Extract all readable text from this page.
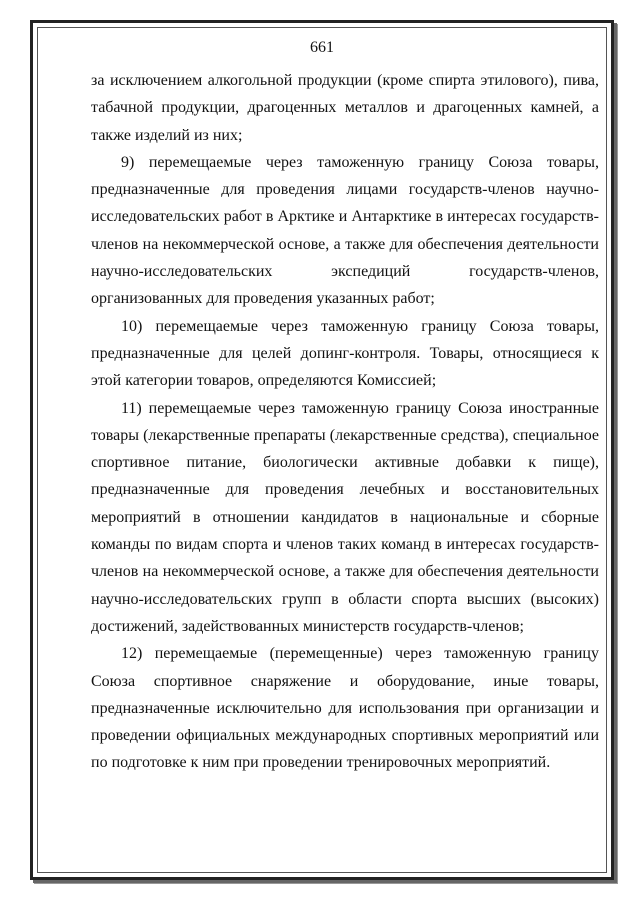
661

за исключением алкогольной продукции (кроме спирта этилового), пива, табачной продукции, драгоценных металлов и драгоценных камней, а также изделий из них;

9) перемещаемые через таможенную границу Союза товары, предназначенные для проведения лицами государств-членов научно-исследовательских работ в Арктике и Антарктике в интересах государств-членов на некоммерческой основе, а также для обеспечения деятельности научно-исследовательских экспедиций государств-членов, организованных для проведения указанных работ;

10) перемещаемые через таможенную границу Союза товары, предназначенные для целей допинг-контроля. Товары, относящиеся к этой категории товаров, определяются Комиссией;

11) перемещаемые через таможенную границу Союза иностранные товары (лекарственные препараты (лекарственные средства), специальное спортивное питание, биологически активные добавки к пище), предназначенные для проведения лечебных и восстановительных мероприятий в отношении кандидатов в национальные и сборные команды по видам спорта и членов таких команд в интересах государств-членов на некоммерческой основе, а также для обеспечения деятельности научно-исследовательских групп в области спорта высших (высоких) достижений, задействованных министерств государств-членов;

12) перемещаемые (перемещенные) через таможенную границу Союза спортивное снаряжение и оборудование, иные товары, предназначенные исключительно для использования при организации и проведении официальных международных спортивных мероприятий или по подготовке к ним при проведении тренировочных мероприятий.
